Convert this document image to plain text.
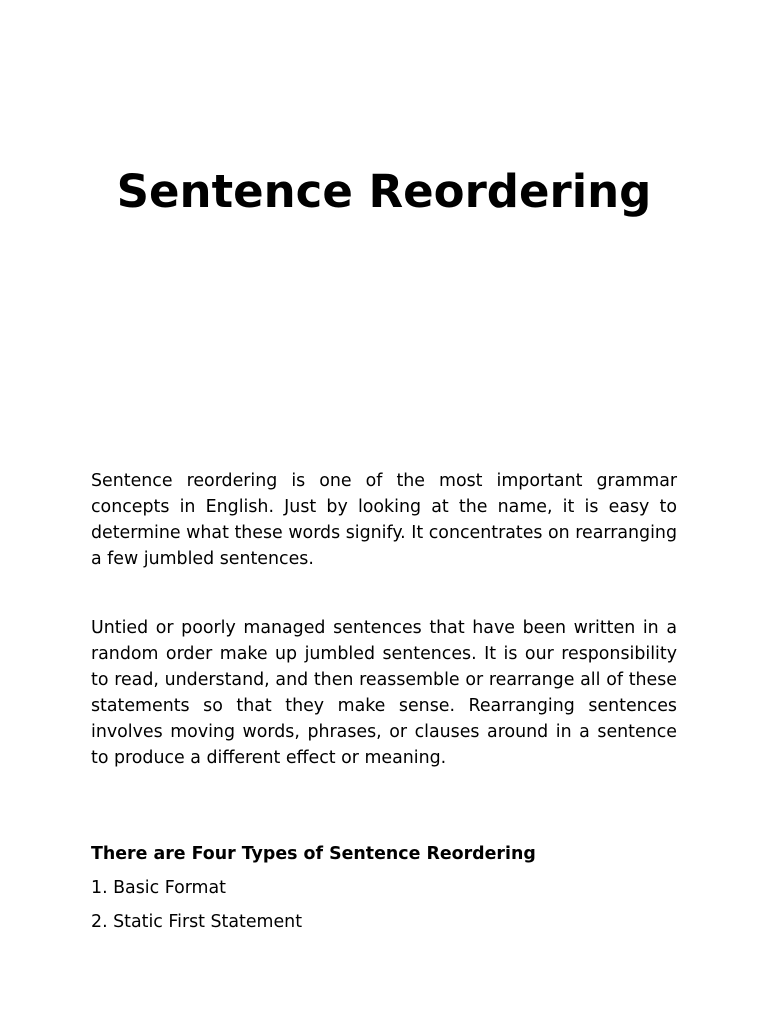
Sentence Reordering

Sentence reordering is one of the most important grammar concepts in English. Just by looking at the name, it is easy to determine what these words signify. It concentrates on rearranging a few jumbled sentences.

Untied or poorly managed sentences that have been written in a random order make up jumbled sentences. It is our responsibility to read, understand, and then reassemble or rearrange all of these statements so that they make sense. Rearranging sentences involves moving words, phrases, or clauses around in a sentence to produce a different effect or meaning.

There are Four Types of Sentence Reordering

1. Basic Format

2. Static First Statement
